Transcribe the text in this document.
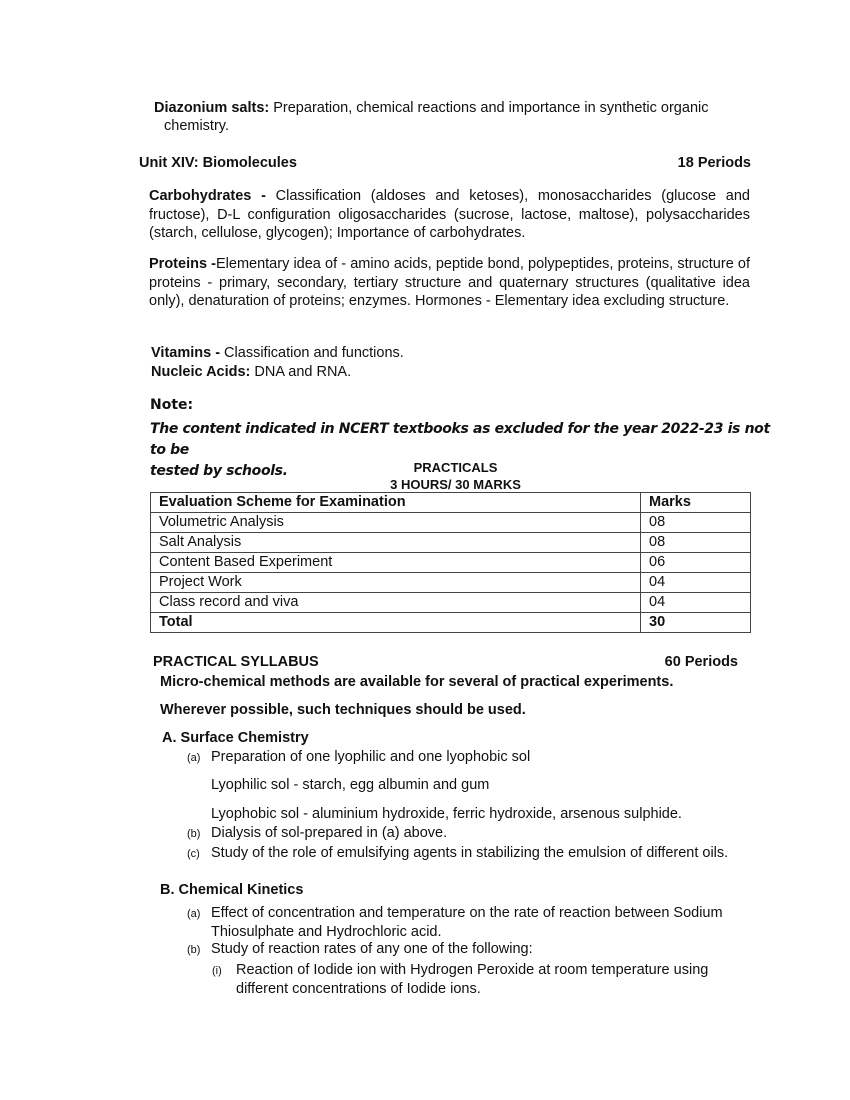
Diazonium salts: Preparation, chemical reactions and importance in synthetic organic

chemistry.

Unit XIV: Biomolecules	18 Periods

Carbohydrates - Classification (aldoses and ketoses), monosaccharides (glucose and fructose), D-L configuration oligosaccharides (sucrose, lactose, maltose), polysaccharides (starch, cellulose, glycogen); Importance of carbohydrates.

Proteins -Elementary idea of - amino acids, peptide bond, polypeptides, proteins, structure of proteins - primary, secondary, tertiary structure and quaternary structures (qualitative idea only), denaturation of proteins; enzymes. Hormones - Elementary idea excluding structure.

Vitamins - Classification and functions.

Nucleic Acids: DNA and RNA.

Note:

The content indicated in NCERT textbooks as excluded for the year 2022-23 is not to be

tested by schools.	PRACTICALS

3 HOURS/ 30 MARKS

Evaluation Scheme for Examination	Marks
Volumetric Analysis	08
Salt Analysis	08
Content Based Experiment	06
Project Work	04
Class record and viva	04
Total	30
PRACTICAL SYLLABUS	60 Periods

Micro-chemical methods are available for several of practical experiments.

Wherever possible, such techniques should be used.

A. Surface Chemistry

(a) Preparation of one lyophilic and one lyophobic sol

Lyophilic sol - starch, egg albumin and gum

Lyophobic sol - aluminium hydroxide, ferric hydroxide, arsenous sulphide.

(b) Dialysis of sol-prepared in (a) above.
(c) Study of the role of emulsifying agents in stabilizing the emulsion of different oils.

B. Chemical Kinetics

(a) Effect of concentration and temperature on the rate of reaction between Sodium

Thiosulphate and Hydrochloric acid.

(b) Study of reaction rates of any one of the following:
(i) Reaction of Iodide ion with Hydrogen Peroxide at room temperature using

different concentrations of Iodide ions.
